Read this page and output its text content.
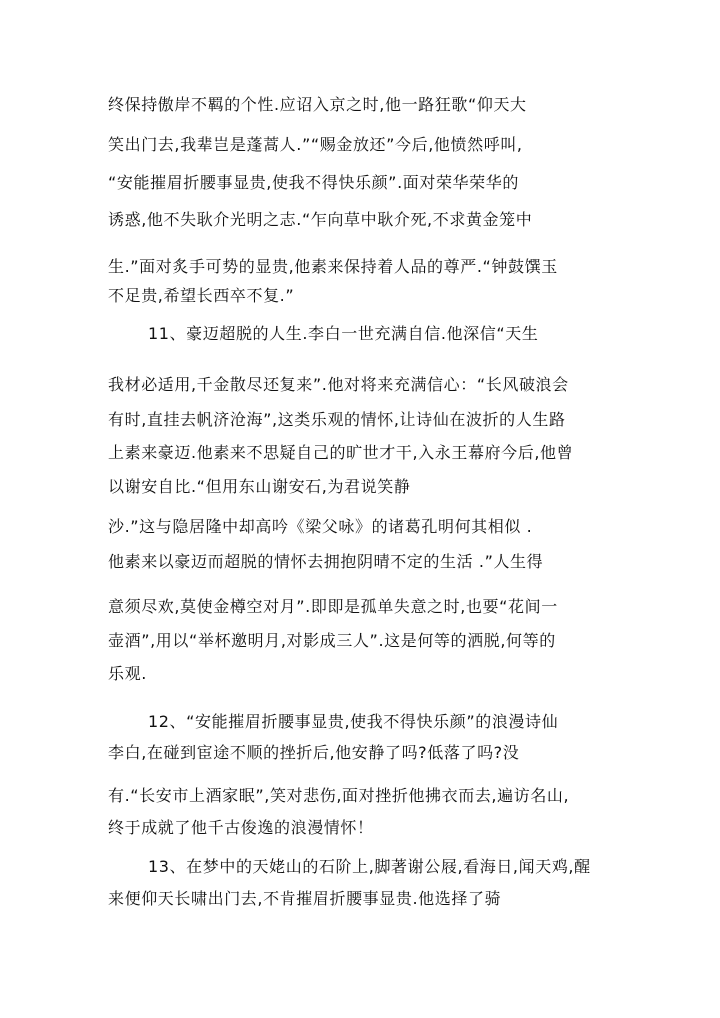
终保持傲岸不羁的个性.应诏入京之时,他一路狂歌“仰天大
笑出门去,我辈岂是蓬蒿人.”“赐金放还”今后,他愤然呼叫,
“安能摧眉折腰事显贵,使我不得快乐颜”.面对荣华荣华的
诱惑,他不失耿介光明之志.“乍向草中耿介死,不求黄金笼中
生.”面对炙手可势的显贵,他素来保持着人品的尊严.“钟鼓馔玉
不足贵,希望长西卒不复.”
11、豪迈超脱的人生.李白一世充满自信.他深信“天生
我材必适用,千金散尽还复来”.他对将来充满信心：“长风破浪会
有时,直挂去帆济沧海”,这类乐观的情怀,让诗仙在波折的人生路
上素来豪迈.他素来不思疑自己的旷世才干,入永王幕府今后,他曾
以谢安自比.“但用东山谢安石,为君说笑静
沙.”这与隐居隆中却高吟《梁父咏》的诸葛孔明何其相似 .
他素来以豪迈而超脱的情怀去拥抱阴晴不定的生活 .”人生得
意须尽欢,莫使金樽空对月”.即即是孤单失意之时,也要“花间一
壶酒”,用以“举杯邀明月,对影成三人”.这是何等的洒脱,何等的
乐观.
12、“安能摧眉折腰事显贵,使我不得快乐颜”的浪漫诗仙
李白,在碰到宦途不顺的挫折后,他安静了吗?低落了吗?没
有.“长安市上酒家眠”,笑对悲伤,面对挫折他拂衣而去,遍访名山,
终于成就了他千古俊逸的浪漫情怀！
13、在梦中的天姥山的石阶上,脚著谢公屐,看海日,闻天鸡,醒
来便仰天长啸出门去,不肯摧眉折腰事显贵.他选择了骑
